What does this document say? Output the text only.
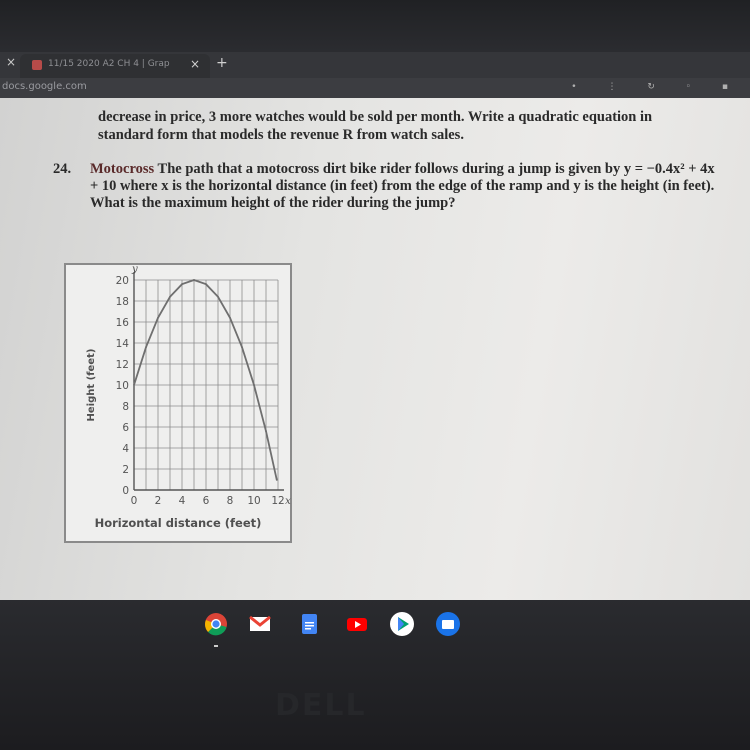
×	11/15 2020 A2 CH 4 | Grap × +
docs.google.com	• ⋮ ↻ ◦ ▪
decrease in price, 3 more watches would be sold per month. Write a quadratic equation in standard form that models the revenue R from watch sales.
24. Motocross The path that a motocross dirt bike rider follows during a jump is given by y = −0.4x² + 4x + 10 where x is the horizontal distance (in feet) from the edge of the ramp and y is the height (in feet). What is the maximum height of the rider during the jump?
y
0
2
4
6
8
10
12
14
16
18
20
0 2 4 6 8 10 12 x
Horizontal distance (feet)
Height (feet)
DELL
